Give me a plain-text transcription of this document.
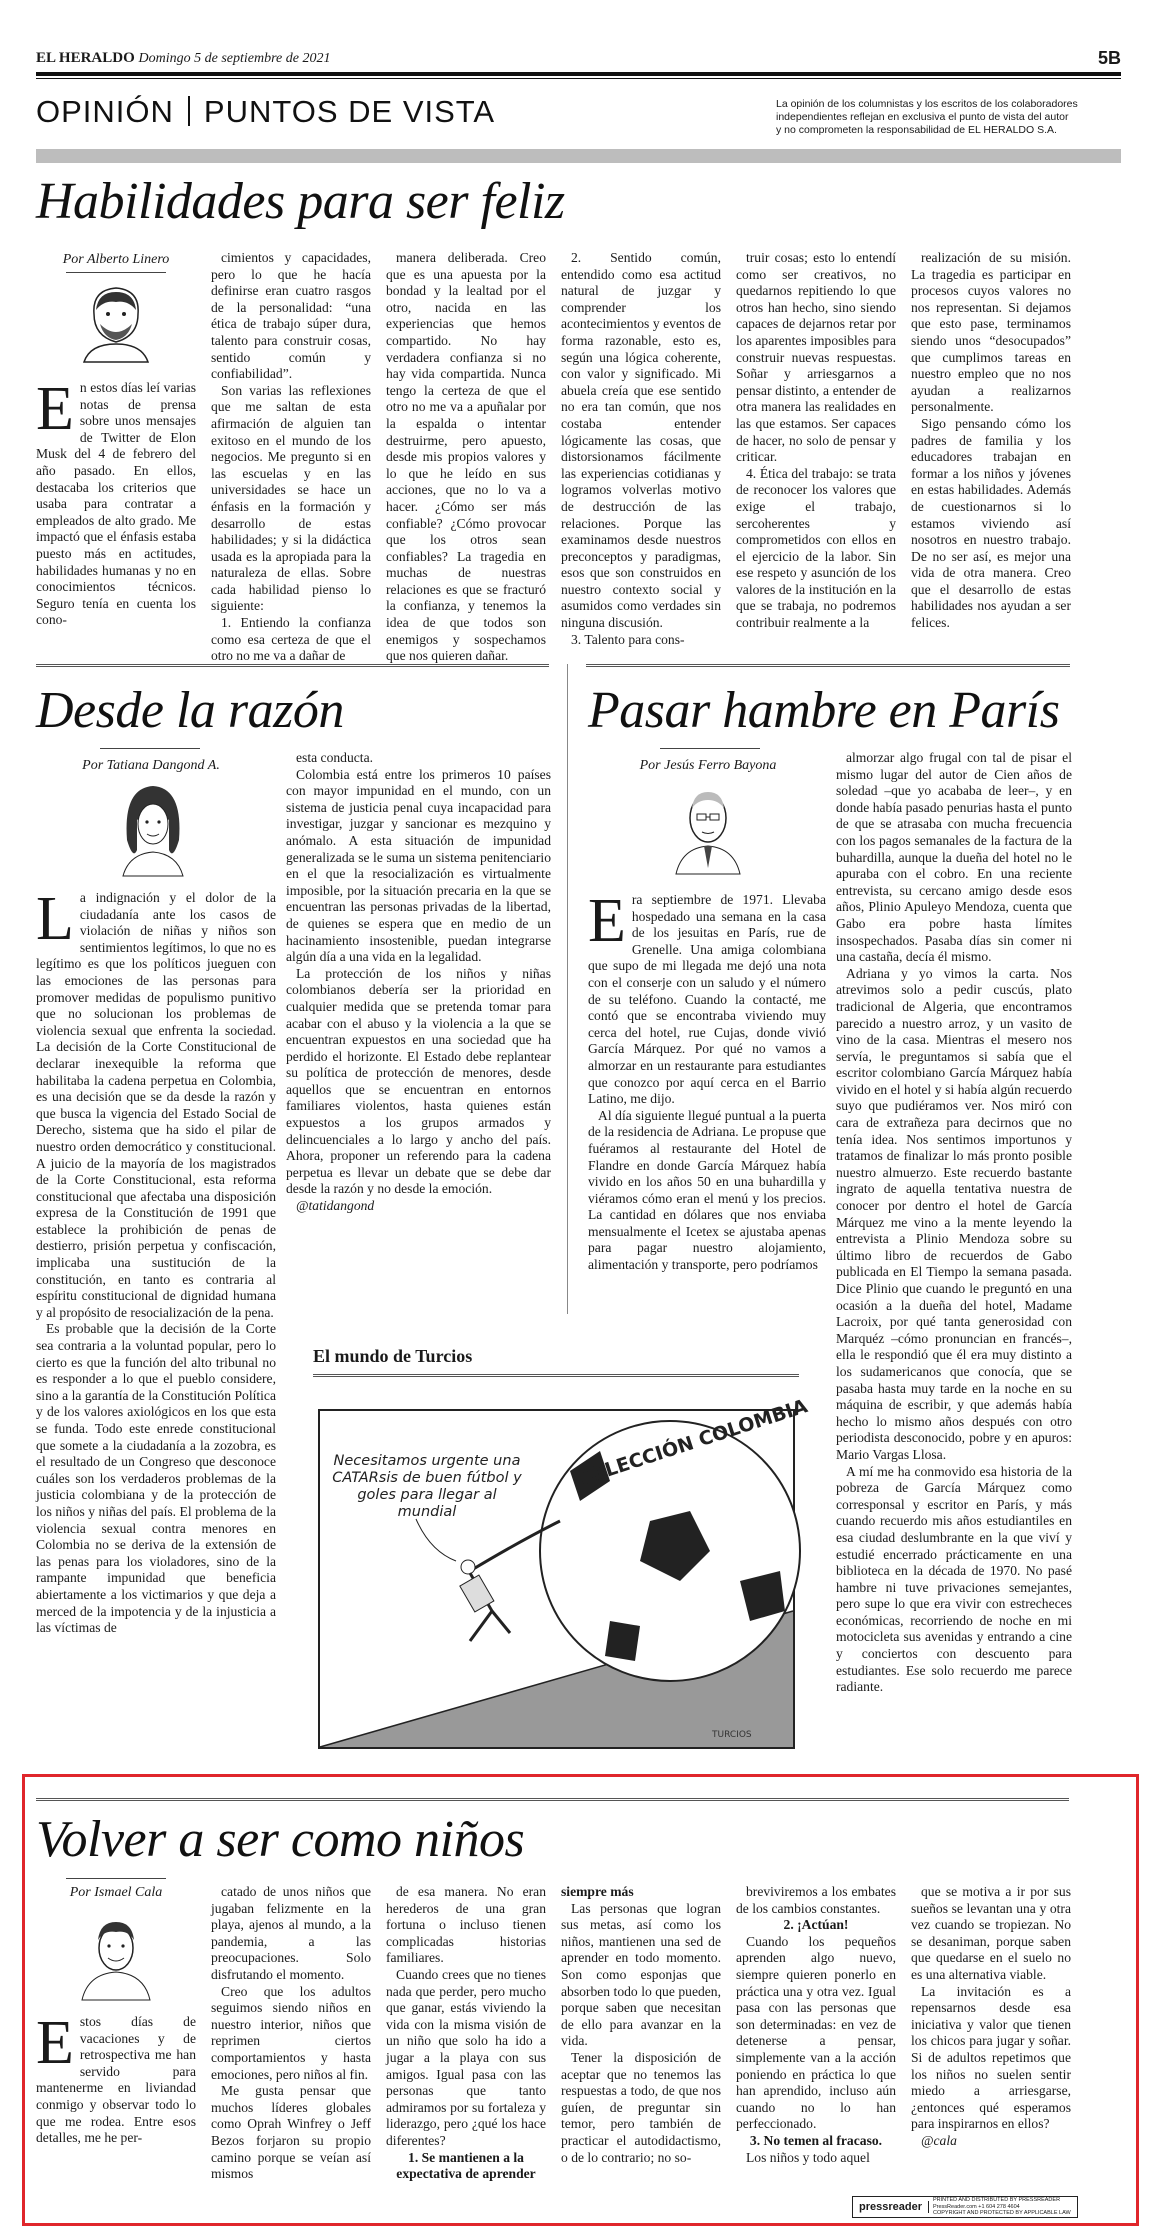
EL HERALDO Domingo 5 de septiembre de 2021	5B
OPINIÓN PUNTOS DE VISTA	La opinión de los columnistas y los escritos de los colaboradores
independientes reflejan en exclusiva el punto de vista del autor
y no comprometen la responsabilidad de EL HERALDO S.A.
Habilidades para ser feliz
Por Alberto Linero
En estos días leí varias notas de prensa sobre unos mensajes de Twitter de Elon Musk del 4 de febrero del año pasado. En ellos, destacaba los criterios que usaba para contratar a empleados de alto grado. Me impactó que el énfasis estaba puesto más en actitudes, habilidades humanas y no en conocimientos técnicos. Seguro tenía en cuenta los cono-

cimientos y capacidades, pero lo que he hacía definirse eran cuatro rasgos de la personalidad: “una ética de trabajo súper dura, talento para construir cosas, sentido común y confiabilidad”.

Son varias las reflexiones que me saltan de esta afirmación de alguien tan exitoso en el mundo de los negocios. Me pregunto si en las escuelas y en las universidades se hace un énfasis en la formación y desarrollo de estas habilidades; y si la didáctica usada es la apropiada para la naturaleza de ellas. Sobre cada habilidad pienso lo siguiente:

1. Entiendo la confianza como esa certeza de que el otro no me va a dañar de

manera deliberada. Creo que es una apuesta por la bondad y la lealtad por el otro, nacida en las experiencias que hemos compartido. No hay verdadera confianza si no hay vida compartida. Nunca tengo la certeza de que el otro no me va a apuñalar por la espalda o intentar destruirme, pero apuesto, desde mis propios valores y lo que he leído en sus acciones, que no lo va a hacer. ¿Cómo ser más confiable? ¿Cómo provocar que los otros sean confiables? La tragedia en muchas de nuestras relaciones es que se fracturó la confianza, y tenemos la idea de que todos son enemigos y sospechamos que nos quieren dañar.

2. Sentido común, entendido como esa actitud natural de juzgar y comprender los acontecimientos y eventos de forma razonable, esto es, según una lógica coherente, con valor y significado. Mi abuela creía que ese sentido no era tan común, que nos costaba entender lógicamente las cosas, que distorsionamos fácilmente las experiencias cotidianas y logramos volverlas motivo de destrucción de las relaciones. Porque las examinamos desde nuestros preconceptos y paradigmas, esos que son construidos en nuestro contexto social y asumidos como verdades sin ninguna discusión.

3. Talento para cons-

truir cosas; esto lo entendí como ser creativos, no quedarnos repitiendo lo que otros han hecho, sino siendo capaces de dejarnos retar por los aparentes imposibles para construir nuevas respuestas. Soñar y arriesgarnos a pensar distinto, a entender de otra manera las realidades en las que estamos. Ser capaces de hacer, no solo de pensar y criticar.

4. Ética del trabajo: se trata de reconocer los valores que exige el trabajo, sercoherentes y comprometidos con ellos en el ejercicio de la labor. Sin ese respeto y asunción de los valores de la institución en la que se trabaja, no podremos contribuir realmente a la

realización de su misión. La tragedia es participar en procesos cuyos valores no nos representan. Si dejamos que esto pase, terminamos siendo unos “desocupados” que cumplimos tareas en nuestro empleo que no nos ayudan a realizarnos personalmente.

Sigo pensando cómo los padres de familia y los educadores trabajan en formar a los niños y jóvenes en estas habilidades. Además de cuestionarnos si lo estamos viviendo así nosotros en nuestro trabajo. De no ser así, es mejor una vida de otra manera. Creo que el desarrollo de estas habilidades nos ayudan a ser felices.

Desde la razón
Por Tatiana Dangond A.
La indignación y el dolor de la ciudadanía ante los casos de violación de niñas y niños son sentimientos legítimos, lo que no es legítimo es que los políticos jueguen con las emociones de las personas para promover medidas de populismo punitivo que no solucionan los problemas de violencia sexual que enfrenta la sociedad. La decisión de la Corte Constitucional de declarar inexequible la reforma que habilitaba la cadena perpetua en Colombia, es una decisión que se da desde la razón y que busca la vigencia del Estado Social de Derecho, sistema que ha sido el pilar de nuestro orden democrático y constitucional. A juicio de la mayoría de los magistrados de la Corte Constitucional, esta reforma constitucional que afectaba una disposición expresa de la Constitución de 1991 que establece la prohibición de penas de destierro, prisión perpetua y confiscación, implicaba una sustitución de la constitución, en tanto es contraria al espíritu constitucional de dignidad humana y al propósito de resocialización de la pena.

Es probable que la decisión de la Corte sea contraria a la voluntad popular, pero lo cierto es que la función del alto tribunal no es responder a lo que el pueblo considere, sino a la garantía de la Constitución Política y de los valores axiológicos en los que esta se funda. Todo este enrede constitucional que somete a la ciudadanía a la zozobra, es el resultado de un Congreso que desconoce cuáles son los verdaderos problemas de la justicia colombiana y de la protección de los niños y niñas del país. El problema de la violencia sexual contra menores en Colombia no se deriva de la extensión de las penas para los violadores, sino de la rampante impunidad que beneficia abiertamente a los victimarios y que deja a merced de la impotencia y de la injusticia a las víctimas de

esta conducta.

Colombia está entre los primeros 10 países con mayor impunidad en el mundo, con un sistema de justicia penal cuya incapacidad para investigar, juzgar y sancionar es mezquino y anómalo. A esta situación de impunidad generalizada se le suma un sistema penitenciario en el que la resocialización es virtualmente imposible, por la situación precaria en la que se encuentran las personas privadas de la libertad, de quienes se espera que en medio de un hacinamiento insostenible, puedan integrarse algún día a una vida en la legalidad.

La protección de los niños y niñas colombianos debería ser la prioridad en cualquier medida que se pretenda tomar para acabar con el abuso y la violencia a la que se encuentran expuestos en una sociedad que ha perdido el horizonte. El Estado debe replantear su política de protección de menores, desde aquellos que se encuentran en entornos familiares violentos, hasta quienes están expuestos a los grupos armados y delincuenciales a lo largo y ancho del país. Ahora, proponer un referendo para la cadena perpetua es llevar un debate que se debe dar desde la razón y no desde la emoción.

@tatidangond

Pasar hambre en París
Por Jesús Ferro Bayona
Era septiembre de 1971. Llevaba hospedado una semana en la casa de los jesuitas en París, rue de Grenelle. Una amiga colombiana que supo de mi llegada me dejó una nota con el conserje con un saludo y el número de su teléfono. Cuando la contacté, me contó que se encontraba viviendo muy cerca del hotel, rue Cujas, donde vivió García Márquez. Por qué no vamos a almorzar en un restaurante para estudiantes que conozco por aquí cerca en el Barrio Latino, me dijo.

Al día siguiente llegué puntual a la puerta de la residencia de Adriana. Le propuse que fuéramos al restaurante del Hotel de Flandre en donde García Márquez había vivido en los años 50 en una buhardilla y viéramos cómo eran el menú y los precios. La cantidad en dólares que nos enviaba mensualmente el Icetex se ajustaba apenas para pagar nuestro alojamiento, alimentación y transporte, pero podríamos

almorzar algo frugal con tal de pisar el mismo lugar del autor de Cien años de soledad –que yo acababa de leer–, y en donde había pasado penurias hasta el punto de que se atrasaba con mucha frecuencia con los pagos semanales de la factura de la buhardilla, aunque la dueña del hotel no le apuraba con el cobro. En una reciente entrevista, su cercano amigo desde esos años, Plinio Apuleyo Mendoza, cuenta que Gabo era pobre hasta límites insospechados. Pasaba días sin comer ni una castaña, decía él mismo.

Adriana y yo vimos la carta. Nos atrevimos solo a pedir cuscús, plato tradicional de Algeria, que encontramos parecido a nuestro arroz, y un vasito de vino de la casa. Mientras el mesero nos servía, le preguntamos si sabía que el escritor colombiano García Márquez había vivido en el hotel y si había algún recuerdo suyo que pudiéramos ver. Nos miró con cara de extrañeza para decirnos que no tenía idea. Nos sentimos importunos y tratamos de finalizar lo más pronto posible nuestro almuerzo. Este recuerdo bastante ingrato de aquella tentativa nuestra de conocer por dentro el hotel de García Márquez me vino a la mente leyendo la entrevista a Plinio Mendoza sobre su último libro de recuerdos de Gabo publicada en El Tiempo la semana pasada. Dice Plinio que cuando le preguntó en una ocasión a la dueña del hotel, Madame Lacroix, por qué tanta generosidad con Marquéz –cómo pronuncian en francés–, ella le respondió que él era muy distinto a los sudamericanos que conocía, que se pasaba hasta muy tarde en la noche en su máquina de escribir, y que además había hecho lo mismo años después con otro periodista desconocido, pobre y en apuros: Mario Vargas Llosa.

A mí me ha conmovido esa historia de la pobreza de García Márquez como corresponsal y escritor en París, y más cuando recuerdo mis años estudiantiles en esa ciudad deslumbrante en la que viví y estudié encerrado prácticamente en una biblioteca en la década de 1970. No pasé hambre ni tuve privaciones semejantes, pero supe lo que era vivir con estrecheces económicas, recorriendo de noche en mi motocicleta sus avenidas y entrando a cine y conciertos con descuento para estudiantes. Ese solo recuerdo me parece radiante.

El mundo de Turcios
SELECCIÓN COLOMBIA
TURCIOS
Necesitamos urgente una CATARsis de buen fútbol y goles para llegar al mundial
Volver a ser como niños
Por Ismael Cala
Estos días de vacaciones y de retrospectiva me han servido para mantenerme en liviandad conmigo y observar todo lo que me rodea. Entre esos detalles, me he per-

catado de unos niños que jugaban felizmente en la playa, ajenos al mundo, a la pandemia, a las preocupaciones. Solo disfrutando el momento.

Creo que los adultos seguimos siendo niños en nuestro interior, niños que reprimen ciertos comportamientos y hasta emociones, pero niños al fin.

Me gusta pensar que muchos líderes globales como Oprah Winfrey o Jeff Bezos forjaron su propio camino porque se veían así mismos

de esa manera. No eran herederos de una gran fortuna o incluso tienen complicadas historias familiares.

Cuando crees que no tienes nada que perder, pero mucho que ganar, estás viviendo la vida con la misma visión de un niño que solo ha ido a jugar a la playa con sus amigos. Igual pasa con las personas que tanto admiramos por su fortaleza y liderazgo, pero ¿qué los hace diferentes?

1. Se mantienen a la expectativa de aprender

siempre más

Las personas que logran sus metas, así como los niños, mantienen una sed de aprender en todo momento. Son como esponjas que absorben todo lo que pueden, porque saben que necesitan de ello para avanzar en la vida.

Tener la disposición de aceptar que no tenemos las respuestas a todo, de que nos guíen, de preguntar sin temor, pero también de practicar el autodidactismo, o de lo contrario; no so-

breviviremos a los embates de los cambios constantes.

2. ¡Actúan!

Cuando los pequeños aprenden algo nuevo, siempre quieren ponerlo en práctica una y otra vez. Igual pasa con las personas que son determinadas: en vez de detenerse a pensar, simplemente van a la acción poniendo en práctica lo que han aprendido, incluso aún cuando no lo han perfeccionado.

3. No temen al fracaso.

Los niños y todo aquel

que se motiva a ir por sus sueños se levantan una y otra vez cuando se tropiezan. No se desaniman, porque saben que quedarse en el suelo no es una alternativa viable.

La invitación es a repensarnos desde esa iniciativa y valor que tienen los chicos para jugar y soñar. Si de adultos repetimos que los niños no suelen sentir miedo a arriesgarse, ¿entonces qué esperamos para inspirarnos en ellos?

@cala

pressreader
PRINTED AND DISTRIBUTED BY PRESSREADER
PressReader.com +1 604 278 4604
COPYRIGHT AND PROTECTED BY APPLICABLE LAW
